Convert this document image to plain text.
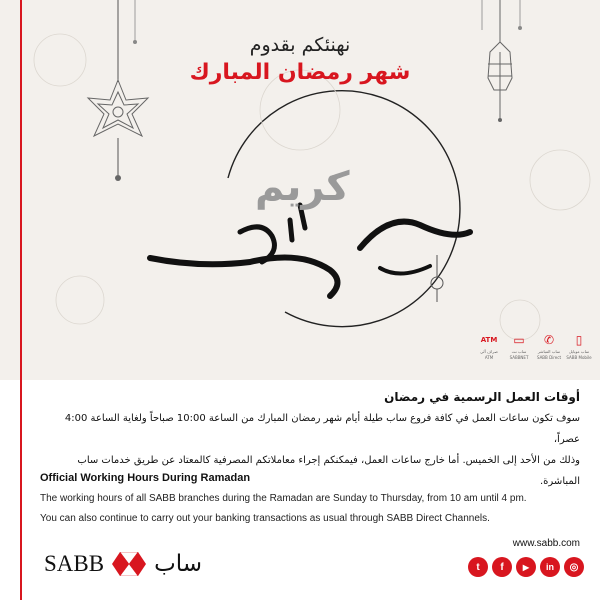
نهنئكم بقدوم
شهر رمضان المبارك
كريم
ATM
صراف آلي
ATM
▭
ساب نت
SABBNET
✆
ساب المباشر
SABB Direct
▯
ساب موبايل
SABB Mobile
أوقات العمل الرسمية في رمضان
سوف تكون ساعات العمل في كافة فروع ساب طيلة أيام شهر رمضان المبارك من الساعة 10:00 صباحاً ولغاية الساعة 4:00 عصراً،
وذلك من الأحد إلى الخميس. أما خارج ساعات العمل، فيمكنكم إجراء معاملاتكم المصرفية كالمعتاد عن طريق خدمات ساب المباشرة.
Official Working Hours During Ramadan
The working hours of all SABB branches during the Ramadan are Sunday to Thursday, from 10 am until 4 pm.
You can also continue to carry out your banking transactions as usual through SABB Direct Channels.
SABB ساب
www.sabb.com
t	f	▶	in	◎
